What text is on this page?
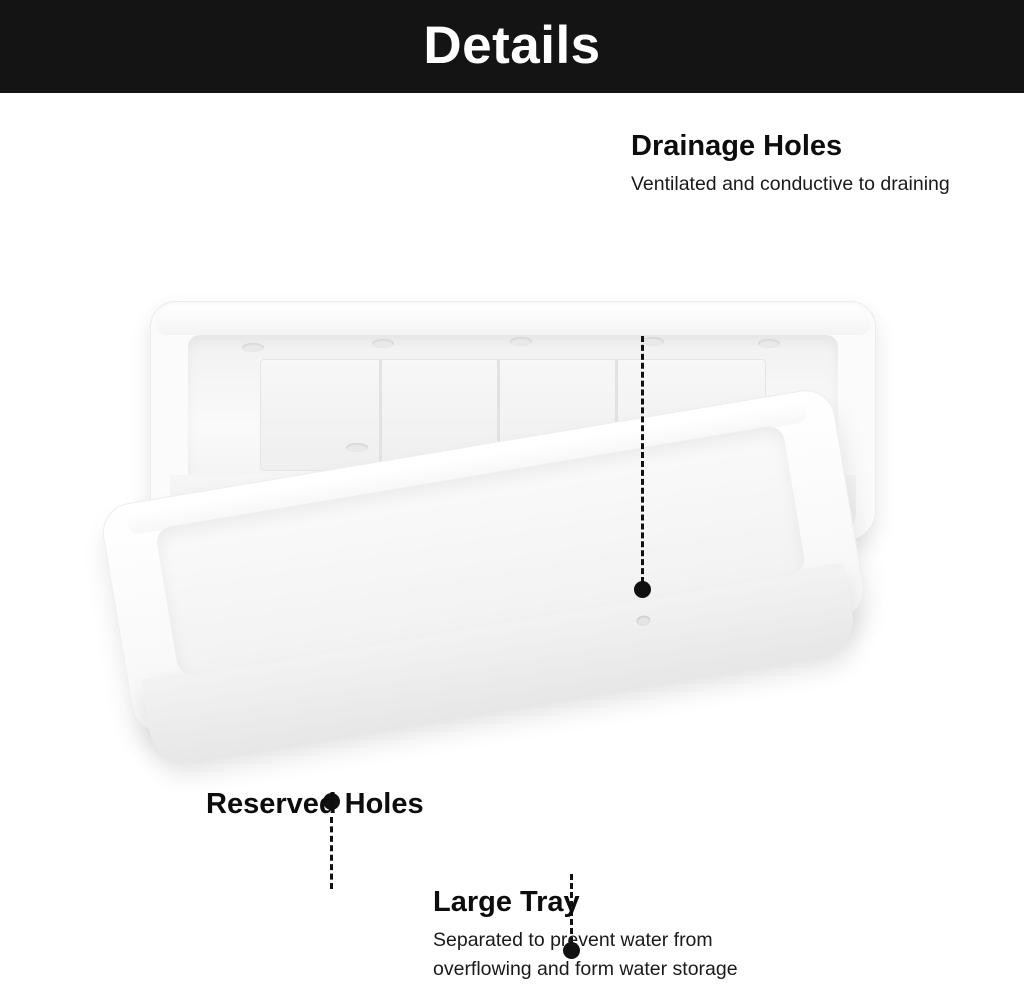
Details
Drainage Holes
Ventilated and conductive to draining
Reserved Holes
Large Tray
Separated to prevent water from overflowing and form water storage
